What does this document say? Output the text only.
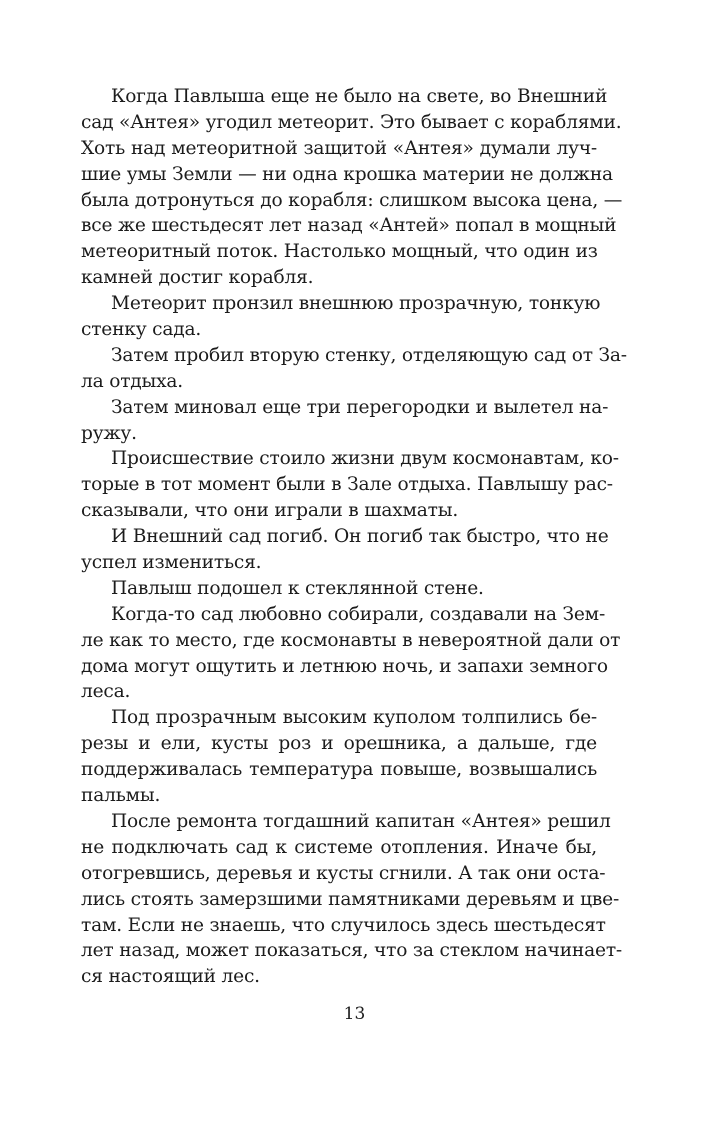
Когда Павлыша еще не было на свете, во Внешний
сад «Антея» угодил метеорит. Это бывает с кораблями.
Хоть над метеоритной защитой «Антея» думали луч-
шие умы Земли — ни одна крошка материи не должна
была дотронуться до корабля: слишком высока цена, —
все же шестьдесят лет назад «Антей» попал в мощный
метеоритный поток. Настолько мощный, что один из
камней достиг корабля.
Метеорит пронзил внешнюю прозрачную, тонкую
стенку сада.
Затем пробил вторую стенку, отделяющую сад от За-
ла отдыха.
Затем миновал еще три перегородки и вылетел на-
ружу.
Происшествие стоило жизни двум космонавтам, ко-
торые в тот момент были в Зале отдыха. Павлышу рас-
сказывали, что они играли в шахматы.
И Внешний сад погиб. Он погиб так быстро, что не
успел измениться.
Павлыш подошел к стеклянной стене.
Когда-то сад любовно собирали, создавали на Зем-
ле как то место, где космонавты в невероятной дали от
дома могут ощутить и летнюю ночь, и запахи земного
леса.
Под прозрачным высоким куполом толпились бе-
резы и ели, кусты роз и орешника, а дальше, где
поддерживалась температура повыше, возвышались
пальмы.
После ремонта тогдашний капитан «Антея» решил
не подключать сад к системе отопления. Иначе бы,
отогревшись, деревья и кусты сгнили. А так они оста-
лись стоять замерзшими памятниками деревьям и цве-
там. Если не знаешь, что случилось здесь шестьдесят
лет назад, может показаться, что за стеклом начинает-
ся настоящий лес.
13
